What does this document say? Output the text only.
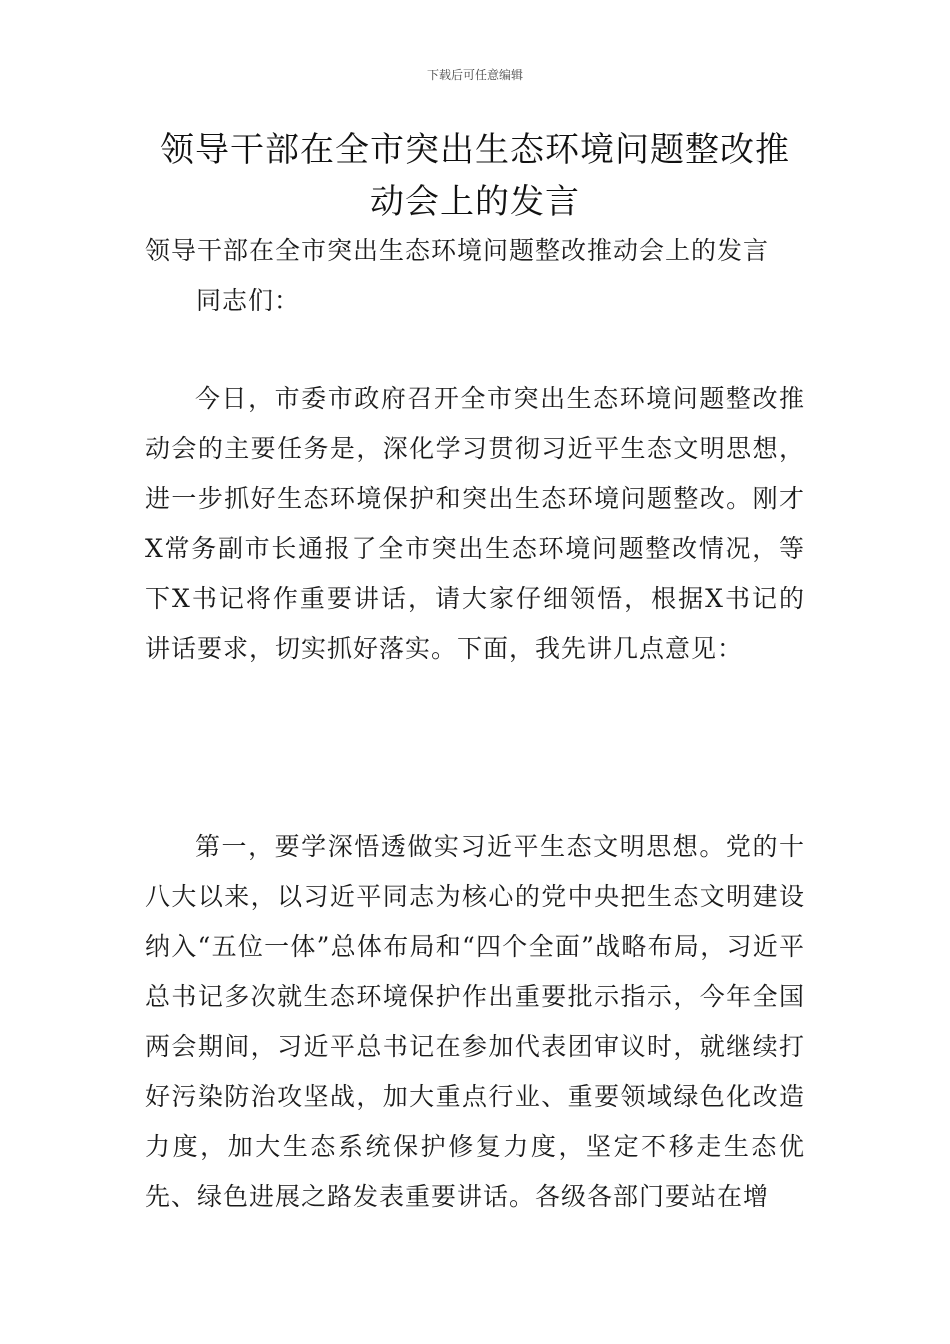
下载后可任意编辑
领导干部在全市突出生态环境问题整改推动会上的发言
领导干部在全市突出生态环境问题整改推动会上的发言
同志们：

今日，市委市政府召开全市突出生态环境问题整改推动会的主要任务是，深化学习贯彻习近平生态文明思想，进一步抓好生态环境保护和突出生态环境问题整改。刚才X常务副市长通报了全市突出生态环境问题整改情况，等下X书记将作重要讲话，请大家仔细领悟，根据X书记的讲话要求，切实抓好落实。下面，我先讲几点意见：

第一，要学深悟透做实习近平生态文明思想。党的十八大以来，以习近平同志为核心的党中央把生态文明建设纳入“五位一体”总体布局和“四个全面”战略布局，习近平总书记多次就生态环境保护作出重要批示指示，今年全国两会期间，习近平总书记在参加代表团审议时，就继续打好污染防治攻坚战，加大重点行业、重要领域绿色化改造力度，加大生态系统保护修复力度，坚定不移走生态优先、绿色进展之路发表重要讲话。各级各部门要站在增
